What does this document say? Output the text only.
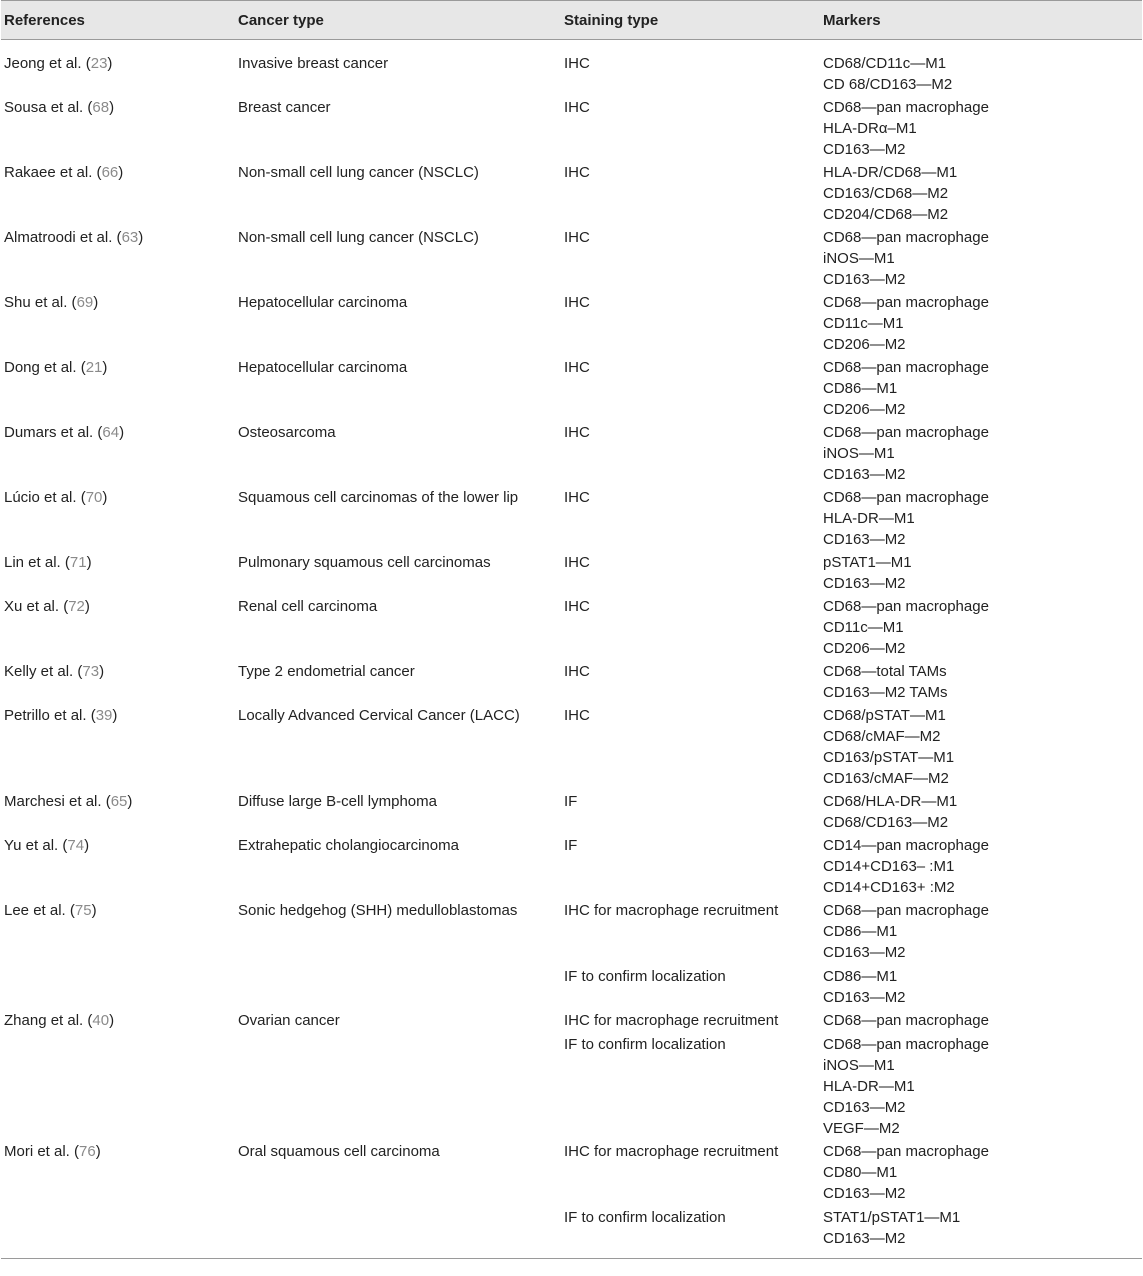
References	Cancer type	Staining type	Markers
Jeong et al. (23)	Invasive breast cancer	IHC	CD68/CD11c—M1
CD 68/CD163—M2

Sousa et al. (68)	Breast cancer	IHC	CD68—pan macrophage
HLA-DRα–M1
CD163—M2

Rakaee et al. (66)	Non-small cell lung cancer (NSCLC)	IHC	HLA-DR/CD68—M1
CD163/CD68—M2
CD204/CD68—M2

Almatroodi et al. (63)	Non-small cell lung cancer (NSCLC)	IHC	CD68—pan macrophage
iNOS—M1
CD163—M2

Shu et al. (69)	Hepatocellular carcinoma	IHC	CD68—pan macrophage
CD11c—M1
CD206—M2

Dong et al. (21)	Hepatocellular carcinoma	IHC	CD68—pan macrophage
CD86—M1
CD206—M2

Dumars et al. (64)	Osteosarcoma	IHC	CD68—pan macrophage
iNOS—M1
CD163—M2

Lúcio et al. (70)	Squamous cell carcinomas of the lower lip	IHC	CD68—pan macrophage
HLA-DR—M1
CD163—M2

Lin et al. (71)	Pulmonary squamous cell carcinomas	IHC	pSTAT1—M1
CD163—M2

Xu et al. (72)	Renal cell carcinoma	IHC	CD68—pan macrophage
CD11c—M1
CD206—M2

Kelly et al. (73)	Type 2 endometrial cancer	IHC	CD68—total TAMs
CD163—M2 TAMs

Petrillo et al. (39)	Locally Advanced Cervical Cancer (LACC)	IHC	CD68/pSTAT—M1
CD68/cMAF—M2
CD163/pSTAT—M1
CD163/cMAF—M2

Marchesi et al. (65)	Diffuse large B-cell lymphoma	IF	CD68/HLA-DR—M1
CD68/CD163—M2

Yu et al. (74)	Extrahepatic cholangiocarcinoma	IF	CD14—pan macrophage
CD14+CD163– :M1
CD14+CD163+ :M2

Lee et al. (75)	Sonic hedgehog (SHH) medulloblastomas	IHC for macrophage recruitment	CD68—pan macrophage
CD86—M1
CD163—M2

		IF to confirm localization	CD86—M1
CD163—M2

Zhang et al. (40)	Ovarian cancer	IHC for macrophage recruitment	CD68—pan macrophage

		IF to confirm localization	CD68—pan macrophage
iNOS—M1
HLA-DR—M1
CD163—M2
VEGF—M2

Mori et al. (76)	Oral squamous cell carcinoma	IHC for macrophage recruitment	CD68—pan macrophage
CD80—M1
CD163—M2

		IF to confirm localization	STAT1/pSTAT1—M1
CD163—M2
